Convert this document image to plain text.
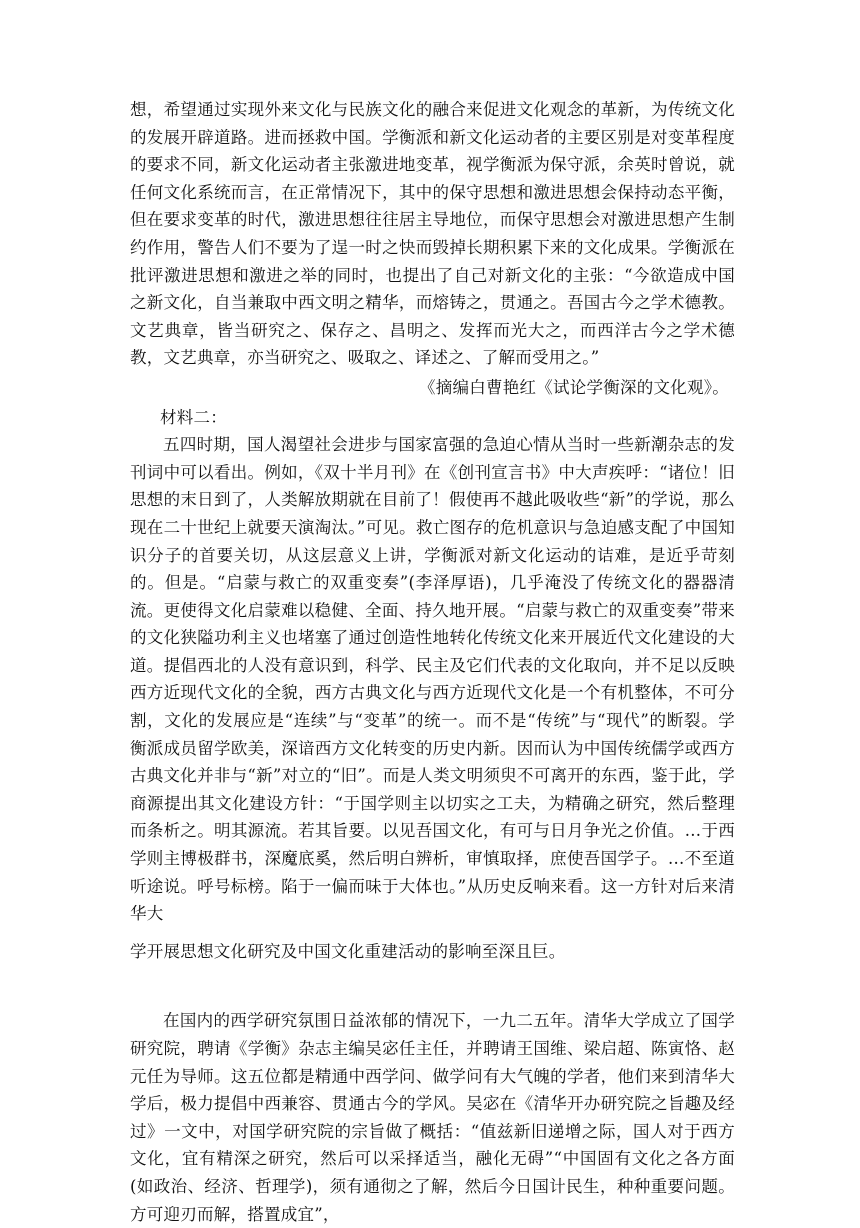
想，希望通过实现外来文化与民族文化的融合来促进文化观念的革新，为传统文化的发展开辟道路。进而拯救中国。学衡派和新文化运动者的主要区别是对变革程度的要求不同，新文化运动者主张激进地变革，视学衡派为保守派，余英时曾说，就任何文化系统而言，在正常情况下，其中的保守思想和激进思想会保持动态平衡，但在要求变革的时代，激进思想往往居主导地位，而保守思想会对激进思想产生制约作用，警告人们不要为了逞一时之快而毁掉长期积累下来的文化成果。学衡派在批评激进思想和激进之举的同时，也提出了自己对新文化的主张：“今欲造成中国之新文化，自当兼取中西文明之精华，而熔铸之，贯通之。吾国古今之学术德教。文艺典章，皆当研究之、保存之、昌明之、发挥而光大之，而西洋古今之学术德教，文艺典章，亦当研究之、吸取之、译述之、了解而受用之。”

《摘编白曹艳红《试论学衡深的文化观》。

材料二：

五四时期，国人渴望社会进步与国家富强的急迫心情从当时一些新潮杂志的发刊词中可以看出。例如，《双十半月刊》在《创刊宣言书》中大声疾呼：“诸位！旧思想的末日到了，人类解放期就在目前了！假使再不越此吸收些“新”的学说，那么现在二十世纪上就要天演淘汰。”可见。救亡图存的危机意识与急迫感支配了中国知识分子的首要关切，从这层意义上讲，学衡派对新文化运动的诘难，是近乎苛刻的。但是。“启蒙与救亡的双重变奏”(李泽厚语)，几乎淹没了传统文化的器器清流。更使得文化启蒙难以稳健、全面、持久地开展。“启蒙与救亡的双重变奏”带来的文化狭隘功利主义也堵塞了通过创造性地转化传统文化来开展近代文化建设的大道。提倡西北的人没有意识到，科学、民主及它们代表的文化取向，并不足以反映西方近现代文化的全貌，西方古典文化与西方近现代文化是一个有机整体，不可分割，文化的发展应是“连续”与“变革”的统一。而不是“传统”与“现代”的断裂。学衡派成员留学欧美，深谙西方文化转变的历史内新。因而认为中国传统儒学或西方古典文化并非与“新”对立的“旧”。而是人类文明须臾不可离开的东西，鉴于此，学商源提出其文化建设方针：“于国学则主以切实之工夫，为精确之研究，然后整理而条析之。明其源流。若其旨要。以见吾国文化，有可与日月争光之价值。…于西学则主博极群书，深魔底奚，然后明白辨析，审慎取择，庶使吾国学子。…不至道听途说。呼号标榜。陷于一偏而味于大体也。”从历史反响来看。这一方针对后来清华大

学开展思想文化研究及中国文化重建活动的影响至深且巨。

在国内的西学研究氛围日益浓郁的情况下，一九二五年。清华大学成立了国学研究院，聘请《学衡》杂志主编吴宓任主任，并聘请王国维、梁启超、陈寅恪、赵元任为导师。这五位都是精通中西学问、做学问有大气魄的学者，他们来到清华大学后，极力提倡中西兼容、贯通古今的学风。吴宓在《清华开办研究院之旨趣及经过》一文中，对国学研究院的宗旨做了概括：“值兹新旧递增之际，国人对于西方文化，宜有精深之研究，然后可以采择适当，融化无碍”“中国固有文化之各方面(如政治、经济、哲理学)，须有通彻之了解，然后今日国计民生，种种重要问题。方可迎刃而解，搭置成宜”，
